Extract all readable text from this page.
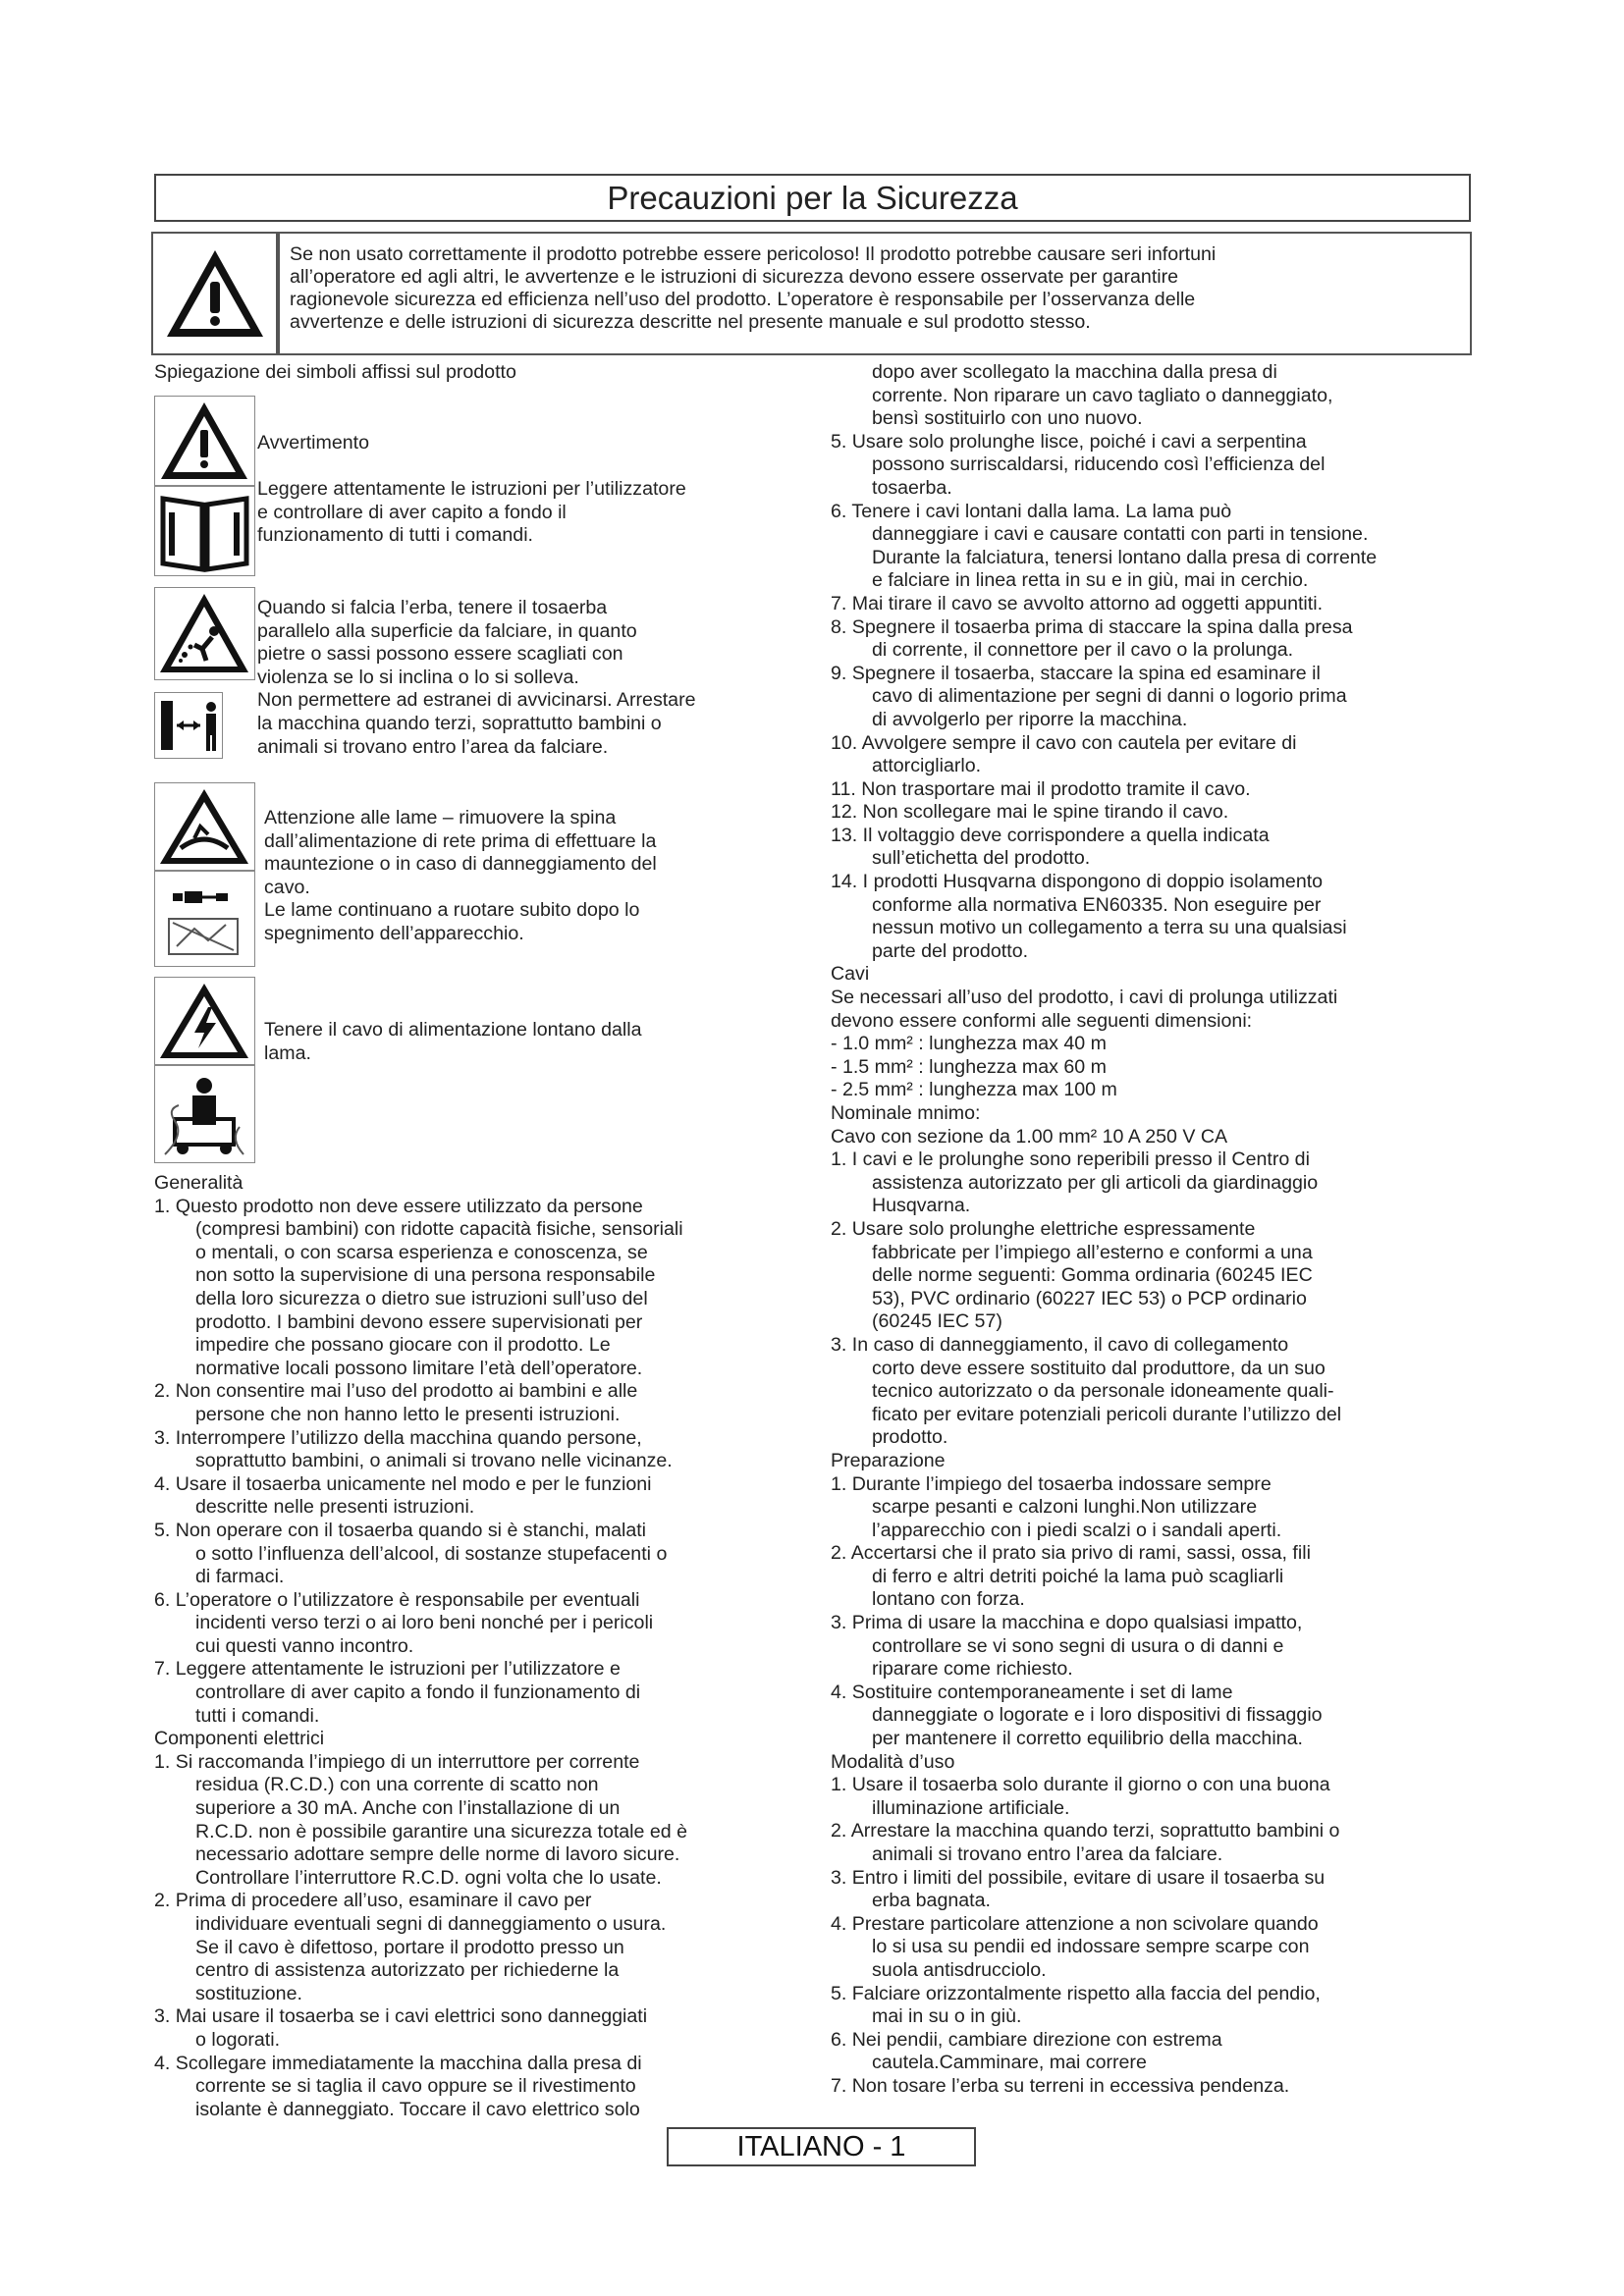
Precauzioni per la Sicurezza

Se non usato correttamente il prodotto potrebbe essere pericoloso! Il prodotto potrebbe causare seri infortuni

all’operatore ed agli altri, le avvertenze e le istruzioni di sicurezza devono essere osservate per garantire

ragionevole sicurezza ed efficienza nell’uso del prodotto. L’operatore è responsabile per l’osservanza delle

avvertenze e delle istruzioni di sicurezza descritte nel presente manuale e sul prodotto stesso.

Spiegazione dei simboli affissi sul prodotto

Avvertimento

Leggere attentamente le istruzioni per l’utilizzatore

e controllare di aver capito a fondo il

funzionamento di tutti i comandi.

Quando si falcia l’erba, tenere il tosaerba

parallelo alla superficie da falciare, in quanto

pietre o sassi possono essere scagliati con

violenza se lo si inclina o lo si solleva.

Non permettere ad estranei di avvicinarsi. Arrestare

la macchina quando terzi, soprattutto bambini o

animali si trovano entro l’area da falciare.

Attenzione alle lame – rimuovere la spina

dall’alimentazione di rete prima di effettuare la

mauntezione o in caso di danneggiamento del

cavo.

Le lame continuano a ruotare subito dopo lo

spegnimento dell’apparecchio.

Tenere il cavo di alimentazione lontano dalla

lama.

Generalità

1. Questo prodotto non deve essere utilizzato da persone

(compresi bambini) con ridotte capacità fisiche, sensoriali

o mentali, o con scarsa esperienza e conoscenza, se

non sotto la supervisione di una persona responsabile

della loro sicurezza o dietro sue istruzioni sull’uso del

prodotto. I bambini devono essere supervisionati per

impedire che possano giocare con il prodotto. Le

normative locali possono limitare l’età dell’operatore.

2. Non consentire mai l’uso del prodotto ai bambini e alle

persone che non hanno letto le presenti istruzioni.

3. Interrompere l’utilizzo della macchina quando persone,

soprattutto bambini, o animali si trovano nelle vicinanze.

4. Usare il tosaerba unicamente nel modo e per le funzioni

descritte nelle presenti istruzioni.

5. Non operare con il tosaerba quando si è stanchi, malati

o sotto l’influenza dell’alcool, di sostanze stupefacenti o

di farmaci.

6. L’operatore o l’utilizzatore è responsabile per eventuali

incidenti verso terzi o ai loro beni nonché per i pericoli

cui questi vanno incontro.

7. Leggere attentamente le istruzioni per l’utilizzatore e

controllare di aver capito a fondo il funzionamento di

tutti i comandi.

Componenti elettrici

1. Si raccomanda l’impiego di un interruttore per corrente

residua (R.C.D.) con una corrente di scatto non

superiore a 30 mA. Anche con l’installazione di un

R.C.D. non è possibile garantire una sicurezza totale ed è

necessario adottare sempre delle norme di lavoro sicure.

Controllare l’interruttore R.C.D. ogni volta che lo usate.

2. Prima di procedere all’uso, esaminare il cavo per

individuare eventuali segni di danneggiamento o usura.

Se il cavo è difettoso, portare il prodotto presso un

centro di assistenza autorizzato per richiederne la

sostituzione.

3. Mai usare il tosaerba se i cavi elettrici sono danneggiati

o logorati.

4. Scollegare immediatamente la macchina dalla presa di

corrente se si taglia il cavo oppure se il rivestimento

isolante è danneggiato. Toccare il cavo elettrico solo

dopo aver scollegato la macchina dalla presa di

corrente. Non riparare un cavo tagliato o danneggiato,

bensì sostituirlo con uno nuovo.

5. Usare solo prolunghe lisce, poiché i cavi a serpentina

possono surriscaldarsi, riducendo così l’efficienza del

tosaerba.

6. Tenere i cavi lontani dalla lama. La lama può

danneggiare i cavi e causare contatti con parti in tensione.

Durante la falciatura, tenersi lontano dalla presa di corrente

e falciare in linea retta in su e in giù, mai in cerchio.

7. Mai tirare il cavo se avvolto attorno ad oggetti appuntiti.

8. Spegnere il tosaerba prima di staccare la spina dalla presa

di corrente, il connettore per il cavo o la prolunga.

9. Spegnere il tosaerba, staccare la spina ed esaminare il

cavo di alimentazione per segni di danni o logorio prima

di avvolgerlo per riporre la macchina.

10. Avvolgere sempre il cavo con cautela per evitare di

attorcigliarlo.

11. Non trasportare mai il prodotto tramite il cavo.

12. Non scollegare mai le spine tirando il cavo.

13. Il voltaggio deve corrispondere a quella indicata

sull’etichetta del prodotto.

14. I prodotti Husqvarna dispongono di doppio isolamento

conforme alla normativa EN60335. Non eseguire per

nessun motivo un collegamento a terra su una qualsiasi

parte del prodotto.

Cavi

Se necessari all’uso del prodotto, i cavi di prolunga utilizzati

devono essere conformi alle seguenti dimensioni:

- 1.0 mm² : lunghezza max 40 m

- 1.5 mm² : lunghezza max 60 m

- 2.5 mm² : lunghezza max 100 m

Nominale mnimo:

Cavo con sezione da 1.00 mm² 10 A 250 V CA

1. I cavi e le prolunghe sono reperibili presso il Centro di

assistenza autorizzato per gli articoli da giardinaggio

Husqvarna.

2. Usare solo prolunghe elettriche espressamente

fabbricate per l’impiego all’esterno e conformi a una

delle norme seguenti: Gomma ordinaria (60245 IEC

53), PVC ordinario (60227 IEC 53) o PCP ordinario

(60245 IEC 57)

3. In caso di danneggiamento, il cavo di collegamento

corto deve essere sostituito dal produttore, da un suo

tecnico autorizzato o da personale idoneamente quali-

ficato per evitare potenziali pericoli durante l’utilizzo del

prodotto.

Preparazione

1. Durante l’impiego del tosaerba indossare sempre

scarpe pesanti e calzoni lunghi.Non utilizzare

l’apparecchio con i piedi scalzi o i sandali aperti.

2. Accertarsi che il prato sia privo di rami, sassi, ossa, fili

di ferro e altri detriti poiché la lama può scagliarli

lontano con forza.

3. Prima di usare la macchina e dopo qualsiasi impatto,

controllare se vi sono segni di usura o di danni e

riparare come richiesto.

4. Sostituire contemporaneamente i set di lame

danneggiate o logorate e i loro dispositivi di fissaggio

per mantenere il corretto equilibrio della macchina.

Modalità d’uso

1. Usare il tosaerba solo durante il giorno o con una buona

illuminazione artificiale.

2. Arrestare la macchina quando terzi, soprattutto bambini o

animali si trovano entro l’area da falciare.

3. Entro i limiti del possibile, evitare di usare il tosaerba su

erba bagnata.

4. Prestare particolare attenzione a non scivolare quando

lo si usa su pendii ed indossare sempre scarpe con

suola antisdrucciolo.

5. Falciare orizzontalmente rispetto alla faccia del pendio,

mai in su o in giù.

6. Nei pendii, cambiare direzione con estrema

cautela.Camminare, mai correre

7. Non tosare l’erba su terreni in eccessiva pendenza.

ITALIANO - 1
